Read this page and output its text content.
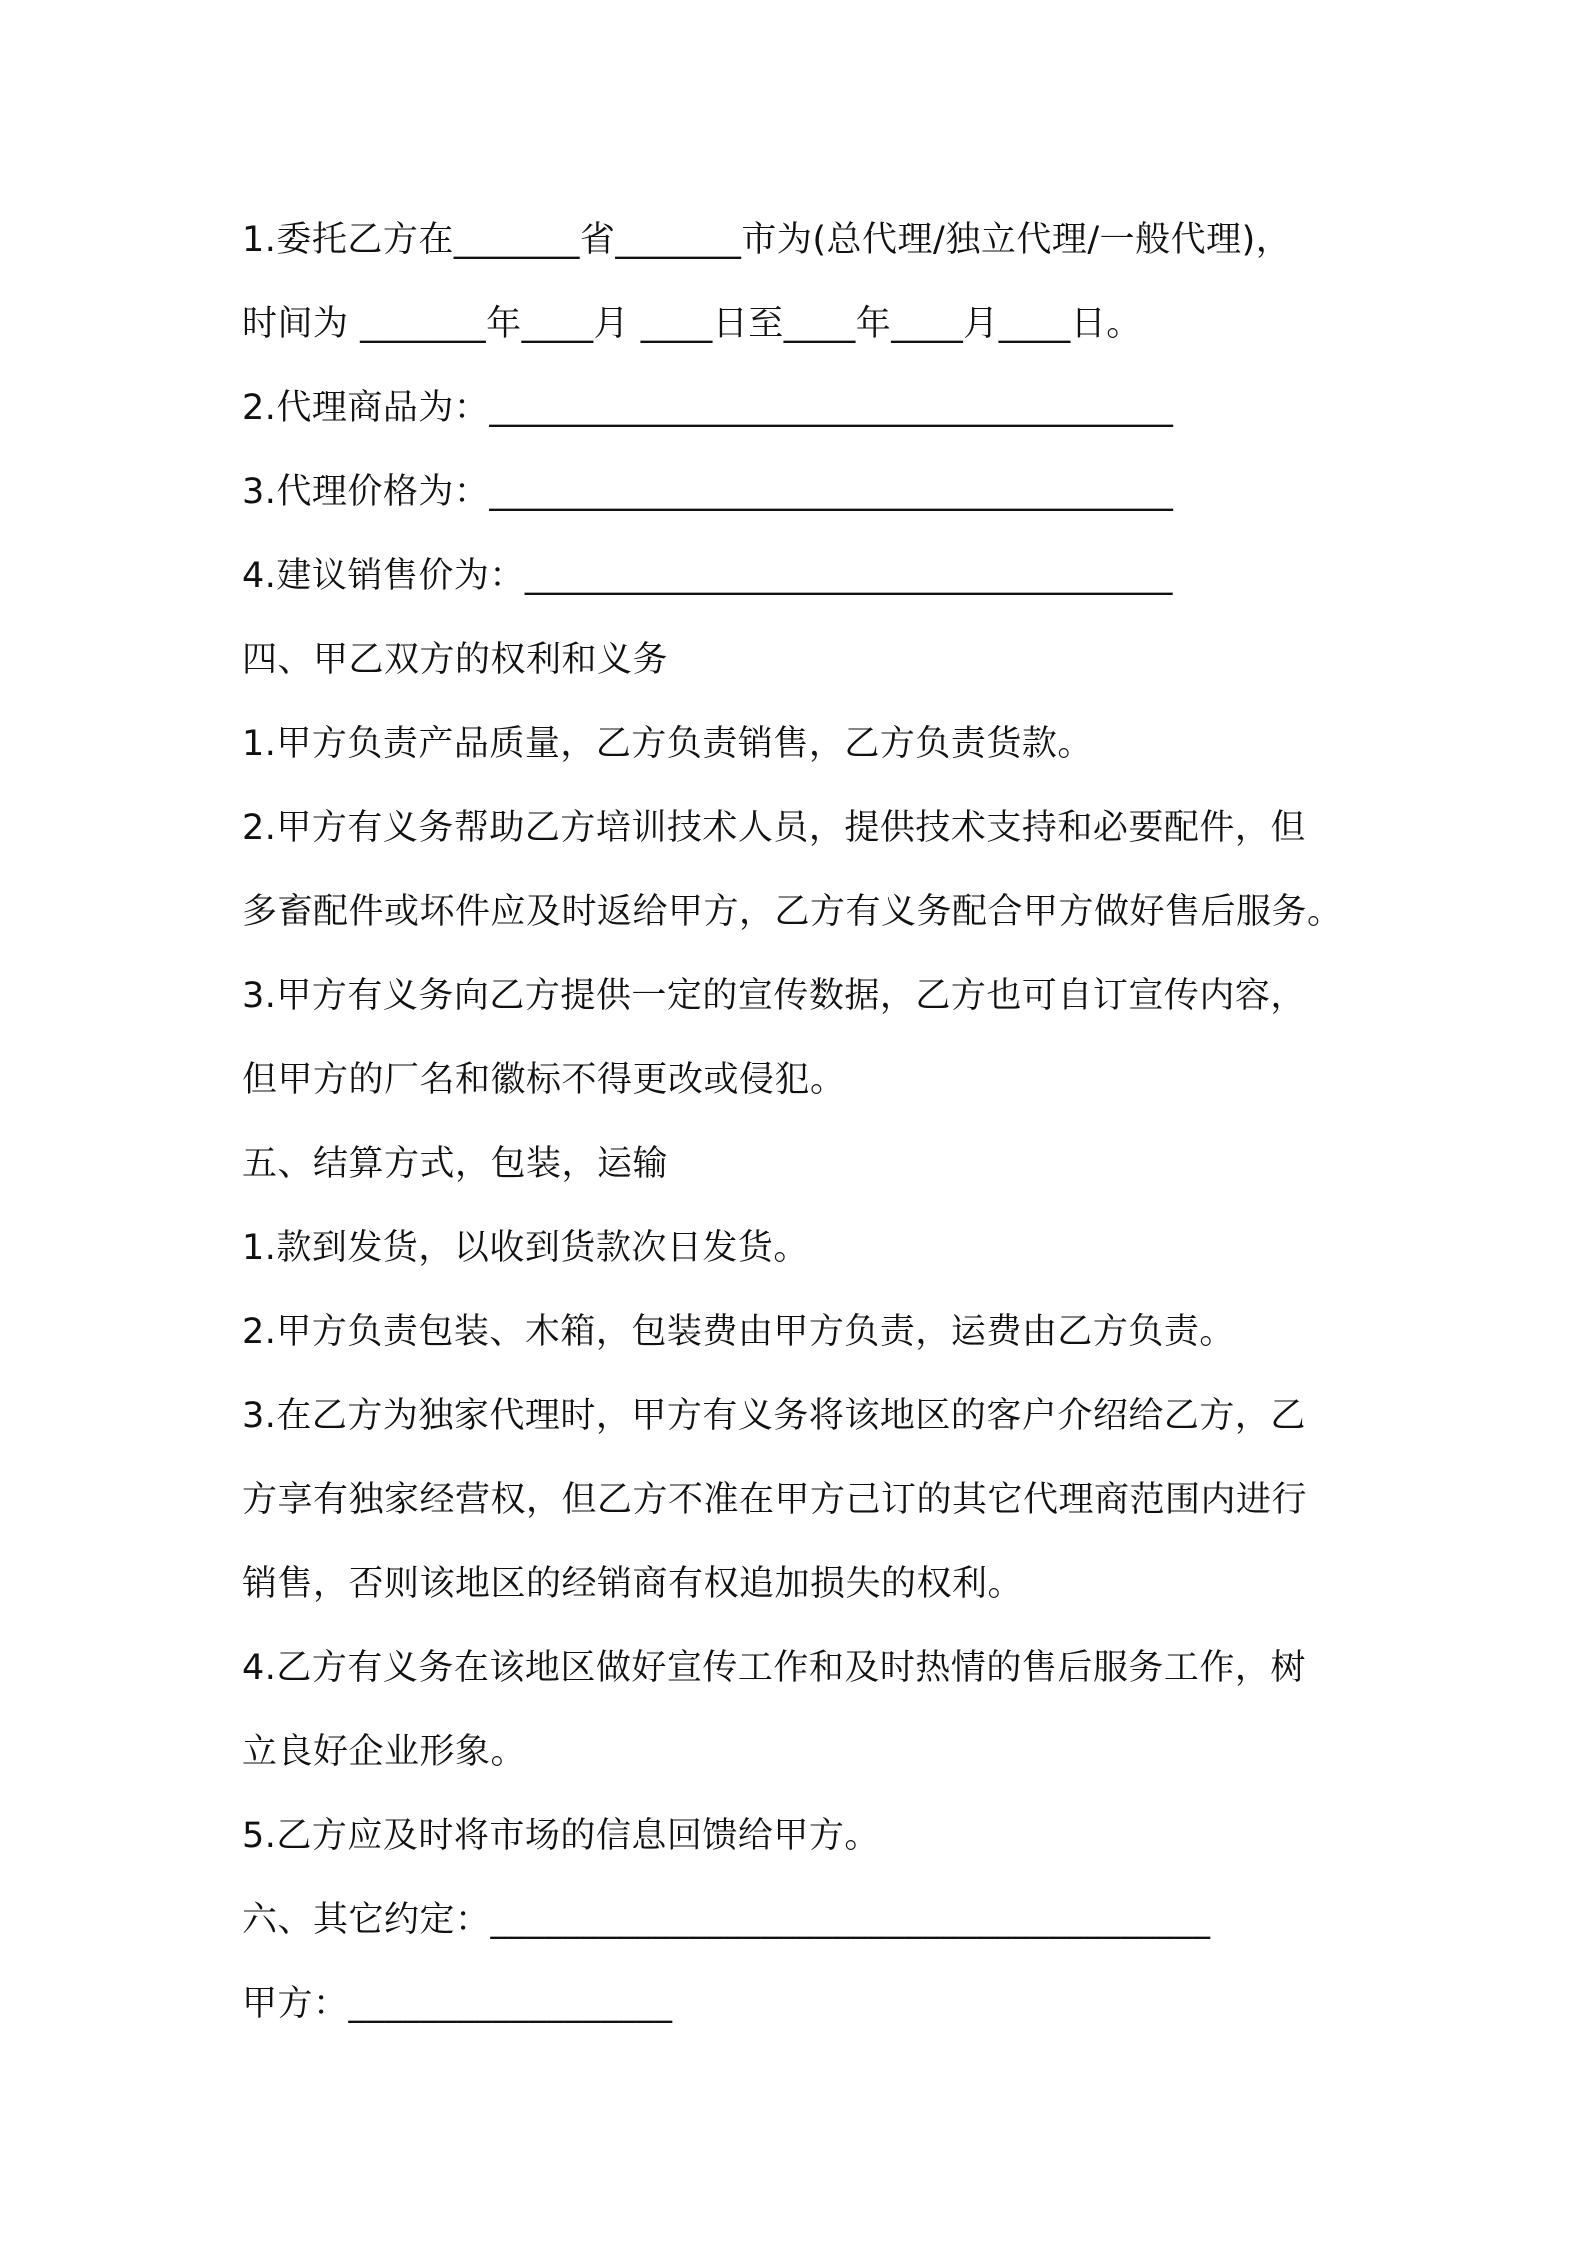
1.委托乙方在_______省_______市为(总代理/独立代理/一般代理)，
时间为 _______年____月 ____日至____年____月____日。
2.代理商品为：______________________________________
3.代理价格为：______________________________________
4.建议销售价为：____________________________________
四、甲乙双方的权利和义务
1.甲方负责产品质量，乙方负责销售，乙方负责货款。
2.甲方有义务帮助乙方培训技术人员，提供技术支持和必要配件，但
多畜配件或坏件应及时返给甲方，乙方有义务配合甲方做好售后服务。
3.甲方有义务向乙方提供一定的宣传数据，乙方也可自订宣传内容，
但甲方的厂名和徽标不得更改或侵犯。
五、结算方式，包装，运输
1.款到发货，以收到货款次日发货。
2.甲方负责包装、木箱，包装费由甲方负责，运费由乙方负责。
3.在乙方为独家代理时，甲方有义务将该地区的客户介绍给乙方，乙
方享有独家经营权，但乙方不准在甲方己订的其它代理商范围内进行
销售，否则该地区的经销商有权追加损失的权利。
4.乙方有义务在该地区做好宣传工作和及时热情的售后服务工作，树
立良好企业形象。
5.乙方应及时将市场的信息回馈给甲方。
六、其它约定：________________________________________
甲方：__________________
